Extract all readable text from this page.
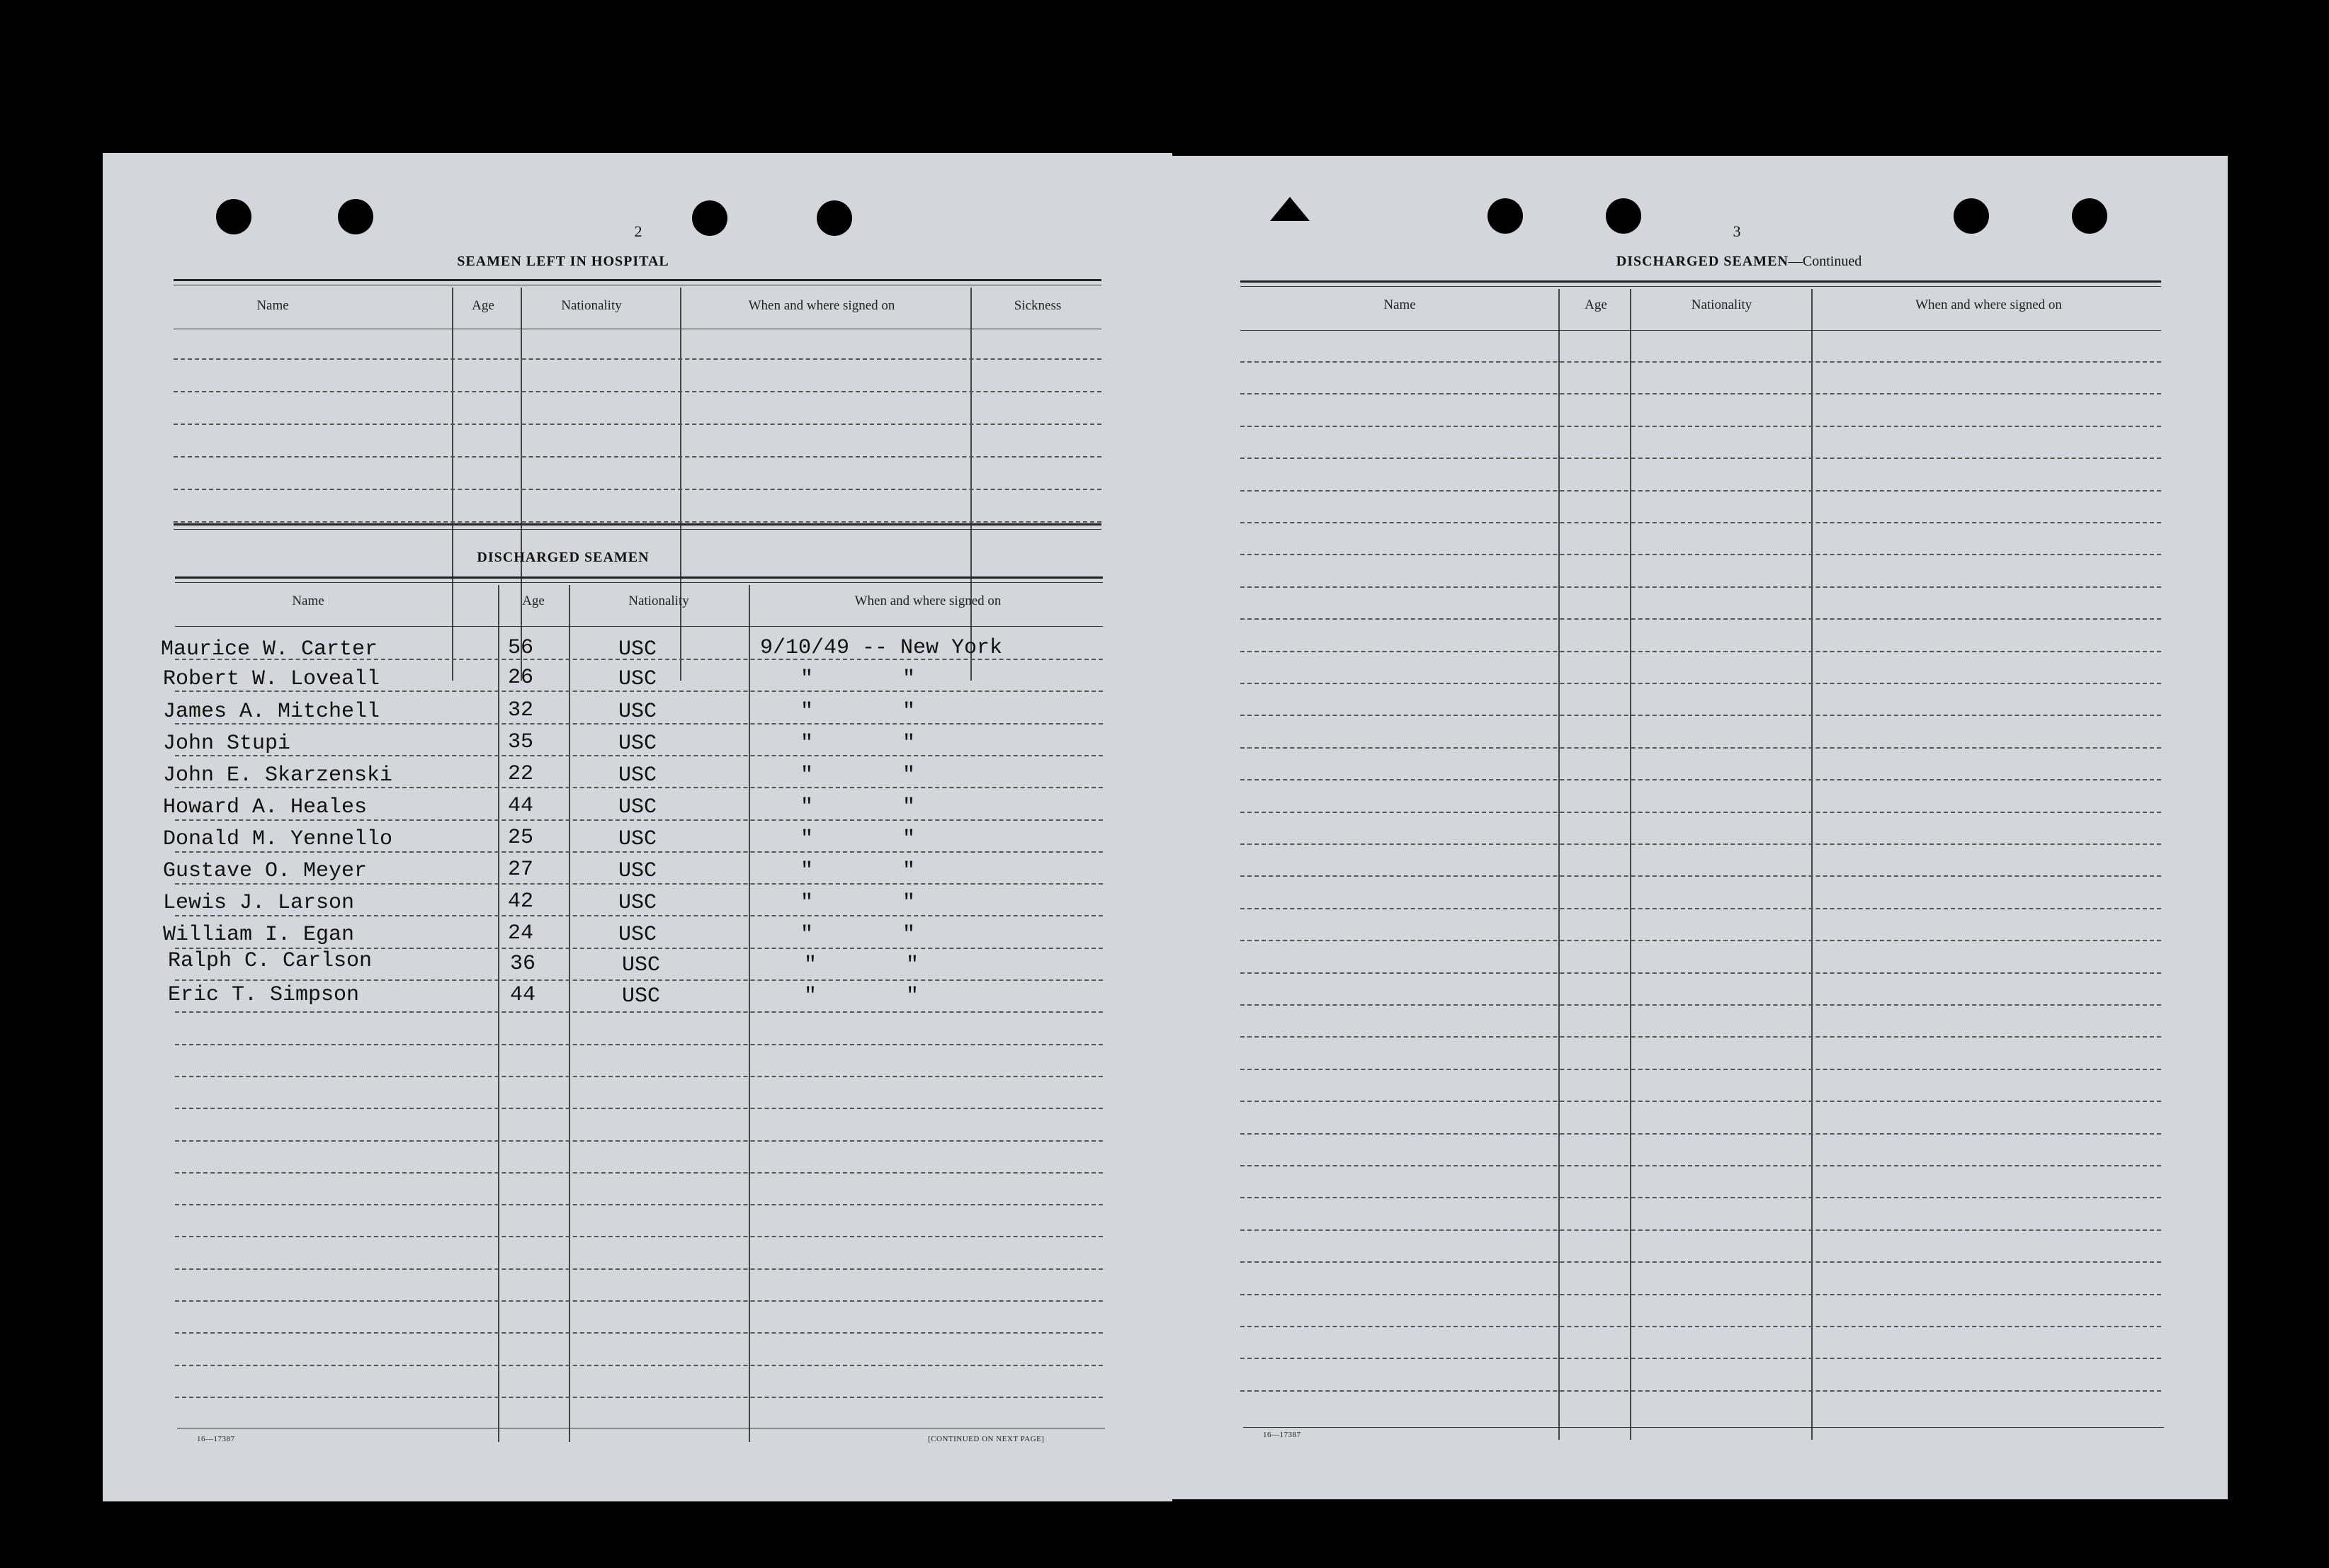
2
SEAMEN LEFT IN HOSPITAL
Name	Age	Nationality	When and where signed on	Sickness
DISCHARGED SEAMEN
Name	Age	Nationality	When and where signed on
Maurice W. Carter	56	USC	9/10/49 -- New York
Robert W. Loveall	26	USC	"       "
James A. Mitchell	32	USC	"       "
John Stupi	35	USC	"       "
John E. Skarzenski	22	USC	"       "
Howard A. Heales	44	USC	"       "
Donald M. Yennello	25	USC	"       "
Gustave O. Meyer	27	USC	"       "
Lewis J. Larson	42	USC	"       "
William I. Egan	24	USC	"       "
Ralph C. Carlson	36	USC	"       "
Eric T. Simpson	44	USC	"       "
16—17387	[CONTINUED ON NEXT PAGE]
3
DISCHARGED SEAMEN—Continued
Name	Age	Nationality	When and where signed on
16—17387
